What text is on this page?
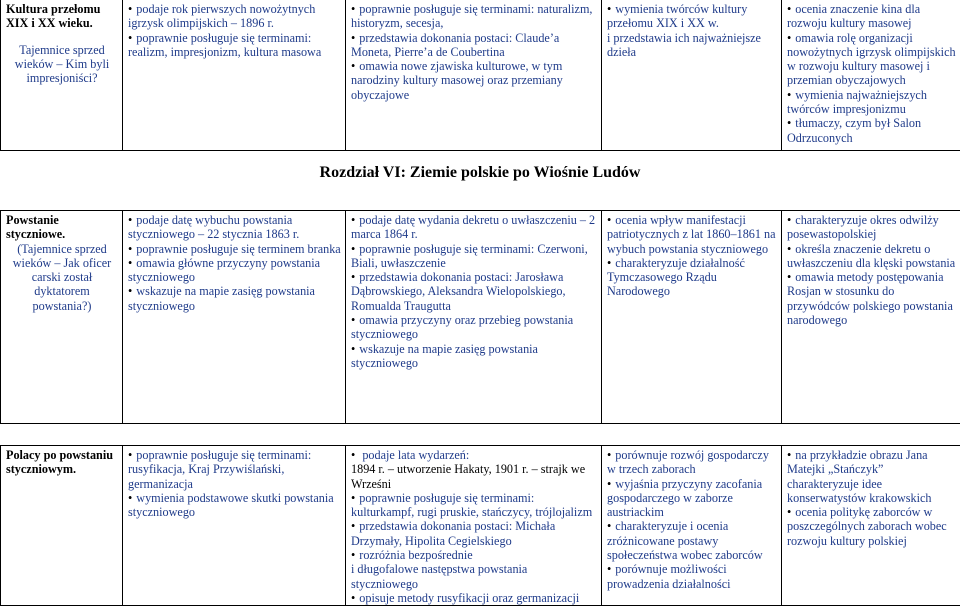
Kultura przełomu XIX i XX wieku.
Tajemnice sprzed wieków – Kim byli impresjoniści?

• podaje rok pierwszych nowożytnych igrzysk olimpijskich – 1896 r.
• poprawnie posługuje się terminami: realizm, impresjonizm, kultura masowa

• poprawnie posługuje się terminami: naturalizm, historyzm, secesja,
• przedstawia dokonania postaci: Claude’a Moneta, Pierre’a de Coubertina
• omawia nowe zjawiska kulturowe, w tym narodziny kultury masowej oraz przemiany obyczajowe

• wymienia twórców kultury przełomu XIX i XX w.
i przedstawia ich najważniejsze dzieła

• ocenia znaczenie kina dla rozwoju kultury masowej
• omawia rolę organizacji nowożytnych igrzysk olimpijskich w rozwoju kultury masowej i przemian obyczajowych
• wymienia najważniejszych twórców impresjonizmu
• tłumaczy, czym był Salon Odrzuconych
Rozdział VI: Ziemie polskie po Wiośnie Ludów
Powstanie styczniowe.
(Tajemnice sprzed wieków – Jak oficer carski został dyktatorem powstania?)

• podaje datę wybuchu powstania styczniowego – 22 stycznia 1863 r.
• poprawnie posługuje się terminem branka
• omawia główne przyczyny powstania styczniowego
• wskazuje na mapie zasięg powstania styczniowego

• podaje datę wydania dekretu o uwłaszczeniu – 2 marca 1864 r.
• poprawnie posługuje się terminami: Czerwoni, Biali, uwłaszczenie
• przedstawia dokonania postaci: Jarosława Dąbrowskiego, Aleksandra Wielopolskiego, Romualda Traugutta
• omawia przyczyny oraz przebieg powstania styczniowego
• wskazuje na mapie zasięg powstania styczniowego

• ocenia wpływ manifestacji patriotycznych z lat 1860–1861 na wybuch powstania styczniowego
• charakteryzuje działalność Tymczasowego Rządu Narodowego

• charakteryzuje okres odwilży posewastopolskiej
• określa znaczenie dekretu o uwłaszczeniu dla klęski powstania
• omawia metody postępowania Rosjan w stosunku do przywódców polskiego powstania narodowego
Polacy po powstaniu styczniowym.

• poprawnie posługuje się terminami: rusyfikacja, Kraj Przywiślański, germanizacja
• wymienia podstawowe skutki powstania styczniowego

• podaje lata wydarzeń:
1894 r. – utworzenie Hakaty, 1901 r. – strajk we Wrześni
• poprawnie posługuje się terminami: kulturkampf, rugi pruskie, stańczycy, trójlojalizm
• przedstawia dokonania postaci: Michała Drzymały, Hipolita Cegielskiego
• rozróżnia bezpośrednie
i długofalowe następstwa powstania styczniowego
• opisuje metody rusyfikacji oraz germanizacji

• porównuje rozwój gospodarczy w trzech zaborach
• wyjaśnia przyczyny zacofania gospodarczego w zaborze austriackim
• charakteryzuje i ocenia zróżnicowane postawy społeczeństwa wobec zaborców
• porównuje możliwości prowadzenia działalności

• na przykładzie obrazu Jana Matejki „Stańczyk” charakteryzuje idee konserwatystów krakowskich
• ocenia politykę zaborców w poszczególnych zaborach wobec rozwoju kultury polskiej
